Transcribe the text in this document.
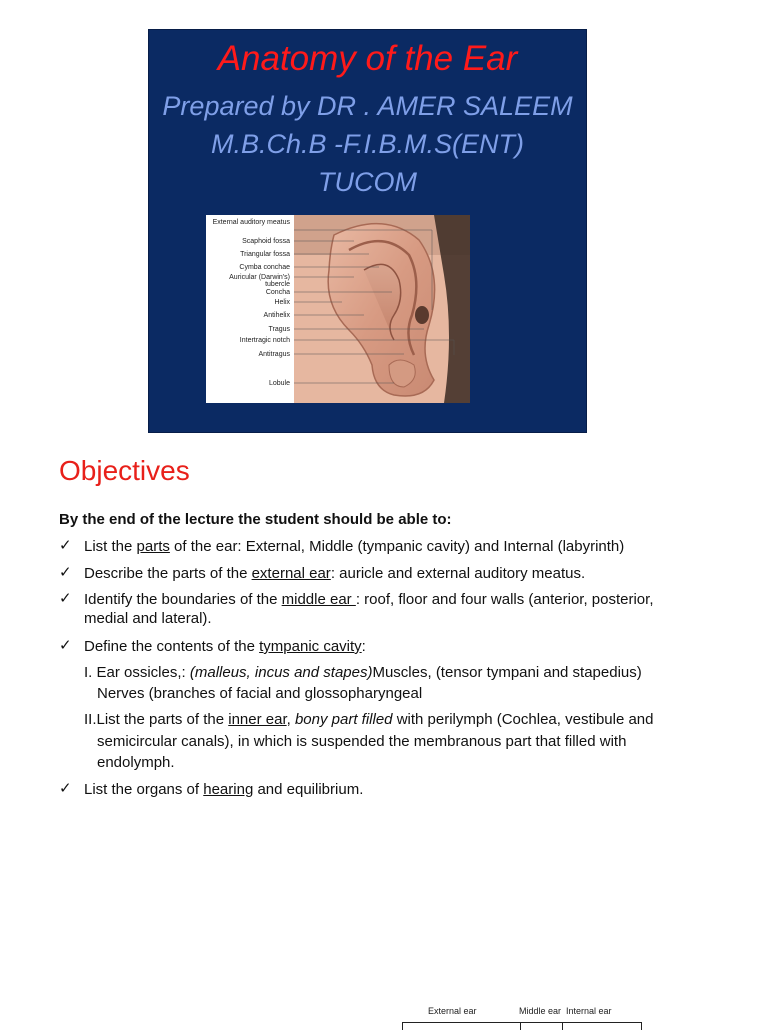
Anatomy of the Ear
Prepared by DR . AMER SALEEM
M.B.Ch.B -F.I.B.M.S(ENT)
TUCOM
External auditory meatus
Scaphoid fossa
Triangular fossa
Cymba conchae
Auricular (Darwin's) tubercle
Concha
Helix
Antihelix
Tragus
Intertragic notch
Antitragus
Lobule
Objectives
By the end of the lecture the student should be able to:
✓ List the parts of the ear: External, Middle (tympanic cavity) and Internal (labyrinth)
✓ Describe the parts of the external ear: auricle and external auditory meatus.
✓ Identify the boundaries of the middle ear : roof, floor and four walls (anterior, posterior,
medial and lateral).
✓ Define the contents of the tympanic cavity:
I. Ear ossicles,: (malleus, incus and stapes)Muscles, (tensor tympani and stapedius)
Nerves (branches of facial and glossopharyngeal
II.List the parts of the inner ear, bony part filled with perilymph (Cochlea, vestibule and
semicircular canals), in which is suspended the membranous part that filled with
endolymph.
✓ List the organs of hearing and equilibrium.
External ear	Middle ear Internal ear
